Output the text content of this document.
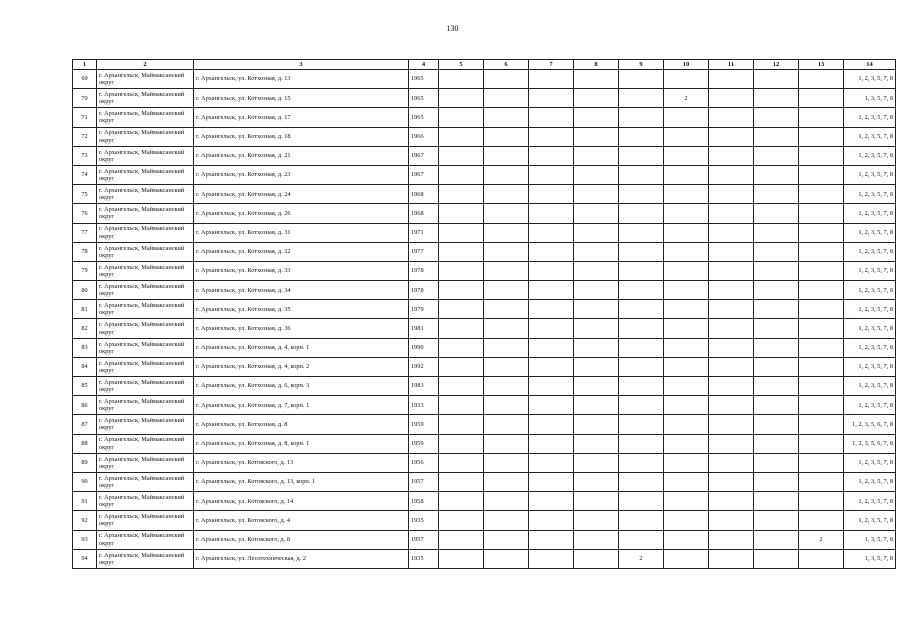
130
1	2	3	4	5	6	7	8	9	10	11	12	13	14
69	г. Архангельск, Маймаксанский округ	г. Архангельск, ул. Котхозная, д. 13	1965										1, 2, 3, 5, 7, 8
70	г. Архангельск, Маймаксанский округ	г. Архангельск, ул. Котхозная, д. 15	1965						2				1, 3, 5, 7, 8
71	г. Архангельск, Маймаксанский округ	г. Архангельск, ул. Котхозная, д. 17	1965										1, 2, 3, 5, 7, 8
72	г. Архангельск, Маймаксанский округ	г. Архангельск, ул. Котхозная, д. 18	1966										1, 2, 3, 5, 7, 8
73	г. Архангельск, Маймаксанский округ	г. Архангельск, ул. Котхозная, д. 21	1967										1, 2, 3, 5, 7, 8
74	г. Архангельск, Маймаксанский округ	г. Архангельск, ул. Котхозная, д. 23	1967										1, 2, 3, 5, 7, 8
75	г. Архангельск, Маймаксанский округ	г. Архангельск, ул. Котхозная, д. 24	1968										1, 2, 3, 5, 7, 8
76	г. Архангельск, Маймаксанский округ	г. Архангельск, ул. Котхозная, д. 26	1968										1, 2, 3, 5, 7, 8
77	г. Архангельск, Маймаксанский округ	г. Архангельск, ул. Котхозная, д. 31	1971										1, 2, 3, 5, 7, 8
78	г. Архангельск, Маймаксанский округ	г. Архангельск, ул. Котхозная, д. 32	1977										1, 2, 3, 5, 7, 8
79	г. Архангельск, Маймаксанский округ	г. Архангельск, ул. Котхозная, д. 33	1978										1, 2, 3, 5, 7, 8
80	г. Архангельск, Маймаксанский округ	г. Архангельск, ул. Котхозная, д. 34	1978										1, 2, 3, 5, 7, 8
81	г. Архангельск, Маймаксанский округ	г. Архангельск, ул. Котхозная, д. 35	1979										1, 2, 3, 5, 7, 8
82	г. Архангельск, Маймаксанский округ	г. Архангельск, ул. Котхозная, д. 36	1981										1, 2, 3, 5, 7, 8
83	г. Архангельск, Маймаксанский округ	г. Архангельск, ул. Котхозная, д. 4, корп. 1	1990										1, 2, 3, 5, 7, 8
84	г. Архангельск, Маймаксанский округ	г. Архангельск, ул. Котхозная, д. 4, корп. 2	1992										1, 2, 3, 5, 7, 8
85	г. Архангельск, Маймаксанский округ	г. Архангельск, ул. Котхозная, д. 6, корп. 3	1983										1, 2, 3, 5, 7, 8
86	г. Архангельск, Маймаксанский округ	г. Архангельск, ул. Котхозная, д. 7, корп. 1	1933										1, 2, 3, 5, 7, 8
87	г. Архангельск, Маймаксанский округ	г. Архангельск, ул. Котхозная, д. 8	1959										1, 2, 3, 5, 6, 7, 8
88	г. Архангельск, Маймаксанский округ	г. Архангельск, ул. Котхозная, д. 8, корп. 1	1959										1, 2, 3, 5, 6, 7, 8
89	г. Архангельск, Маймаксанский округ	г. Архангельск, ул. Котовского, д. 13	1956										1, 2, 3, 5, 7, 8
90	г. Архангельск, Маймаксанский округ	г. Архангельск, ул. Котовского, д. 13, корп. 1	1957										1, 2, 3, 5, 7, 8
91	г. Архангельск, Маймаксанский округ	г. Архангельск, ул. Котовского, д. 14	1958										1, 2, 3, 5, 7, 8
92	г. Архангельск, Маймаксанский округ	г. Архангельск, ул. Котовского, д. 4	1935										1, 2, 3, 5, 7, 8
93	г. Архангельск, Маймаксанский округ	г. Архангельск, ул. Котовского, д. 8	1957									2	1, 3, 5, 7, 8
94	г. Архангельск, Маймаксанский округ	г. Архангельск, ул. Лесотехническая, д. 2	1935					2					1, 3, 5, 7, 8
